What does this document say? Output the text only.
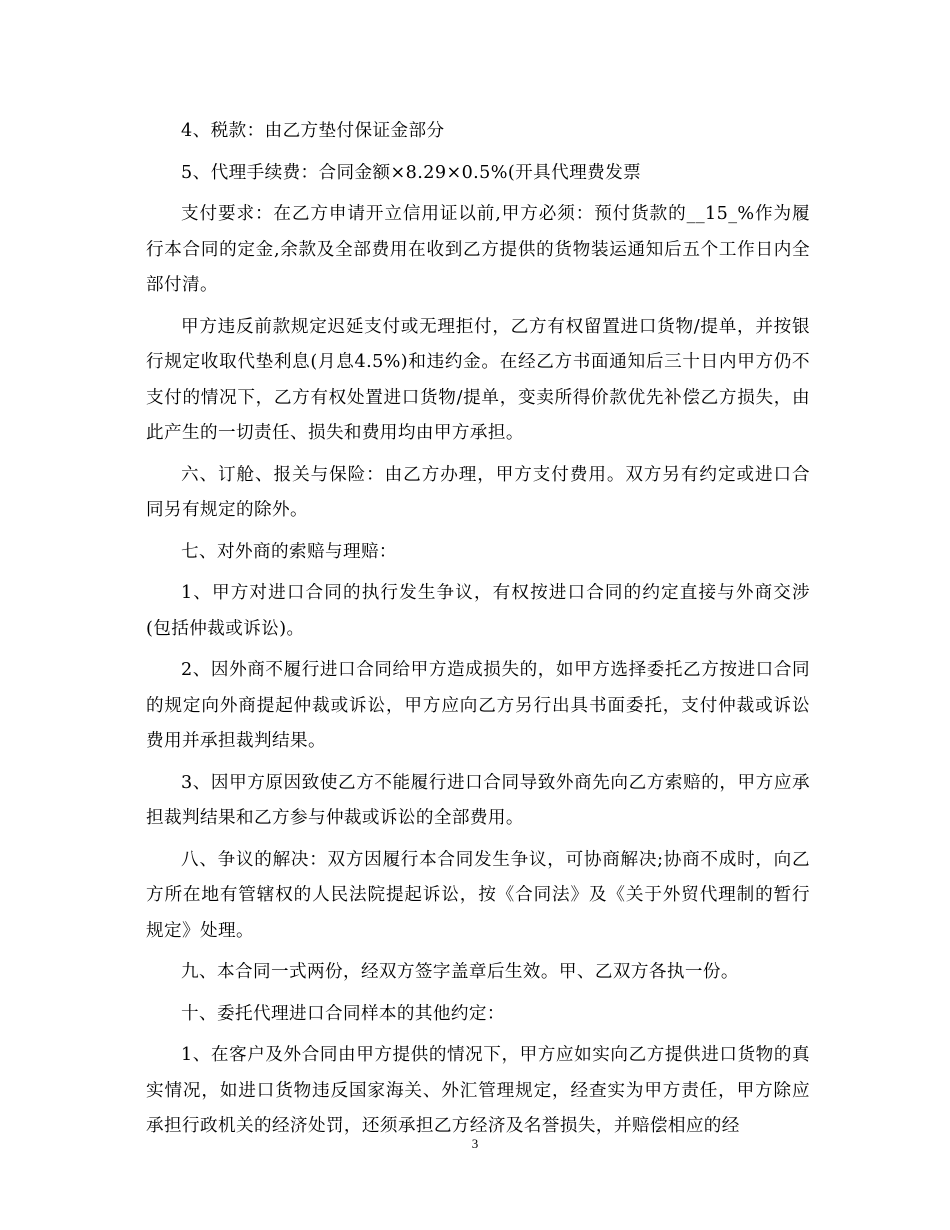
4、税款：由乙方垫付保证金部分

5、代理手续费：合同金额×8.29×0.5%(开具代理费发票

支付要求：在乙方申请开立信用证以前,甲方必须：预付货款的__15_%作为履行本合同的定金,余款及全部费用在收到乙方提供的货物装运通知后五个工作日内全部付清。

甲方违反前款规定迟延支付或无理拒付，乙方有权留置进口货物/提单，并按银行规定收取代垫利息(月息4.5%)和违约金。在经乙方书面通知后三十日内甲方仍不支付的情况下，乙方有权处置进口货物/提单，变卖所得价款优先补偿乙方损失，由此产生的一切责任、损失和费用均由甲方承担。

六、订舱、报关与保险：由乙方办理，甲方支付费用。双方另有约定或进口合同另有规定的除外。

七、对外商的索赔与理赔：

1、甲方对进口合同的执行发生争议，有权按进口合同的约定直接与外商交涉(包括仲裁或诉讼)。

2、因外商不履行进口合同给甲方造成损失的，如甲方选择委托乙方按进口合同的规定向外商提起仲裁或诉讼，甲方应向乙方另行出具书面委托，支付仲裁或诉讼费用并承担裁判结果。

3、因甲方原因致使乙方不能履行进口合同导致外商先向乙方索赔的，甲方应承担裁判结果和乙方参与仲裁或诉讼的全部费用。

八、争议的解决：双方因履行本合同发生争议，可协商解决;协商不成时，向乙方所在地有管辖权的人民法院提起诉讼，按《合同法》及《关于外贸代理制的暂行规定》处理。

九、本合同一式两份，经双方签字盖章后生效。甲、乙双方各执一份。

十、委托代理进口合同样本的其他约定：

1、在客户及外合同由甲方提供的情况下，甲方应如实向乙方提供进口货物的真实情况，如进口货物违反国家海关、外汇管理规定，经查实为甲方责任，甲方除应承担行政机关的经济处罚，还须承担乙方经济及名誉损失，并赔偿相应的经

3
